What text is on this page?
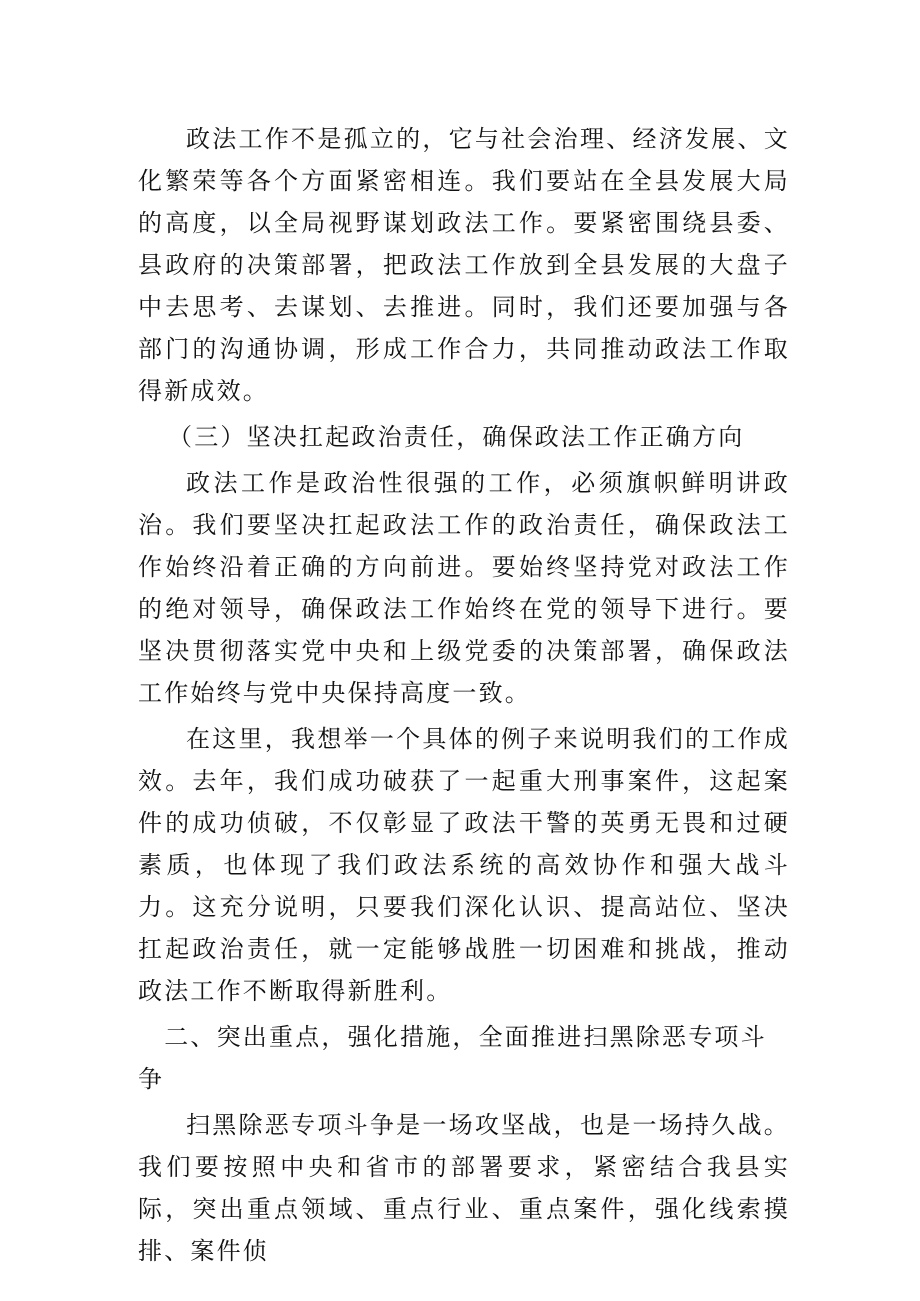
政法工作不是孤立的，它与社会治理、经济发展、文化繁荣等各个方面紧密相连。我们要站在全县发展大局的高度，以全局视野谋划政法工作。要紧密围绕县委、县政府的决策部署，把政法工作放到全县发展的大盘子中去思考、去谋划、去推进。同时，我们还要加强与各部门的沟通协调，形成工作合力，共同推动政法工作取得新成效。

（三）坚决扛起政治责任，确保政法工作正确方向

政法工作是政治性很强的工作，必须旗帜鲜明讲政治。我们要坚决扛起政法工作的政治责任，确保政法工作始终沿着正确的方向前进。要始终坚持党对政法工作的绝对领导，确保政法工作始终在党的领导下进行。要坚决贯彻落实党中央和上级党委的决策部署，确保政法工作始终与党中央保持高度一致。

在这里，我想举一个具体的例子来说明我们的工作成效。去年，我们成功破获了一起重大刑事案件，这起案件的成功侦破，不仅彰显了政法干警的英勇无畏和过硬素质，也体现了我们政法系统的高效协作和强大战斗力。这充分说明，只要我们深化认识、提高站位、坚决扛起政治责任，就一定能够战胜一切困难和挑战，推动政法工作不断取得新胜利。

　二、突出重点，强化措施，全面推进扫黑除恶专项斗争

扫黑除恶专项斗争是一场攻坚战，也是一场持久战。我们要按照中央和省市的部署要求，紧密结合我县实际，突出重点领域、重点行业、重点案件，强化线索摸排、案件侦
